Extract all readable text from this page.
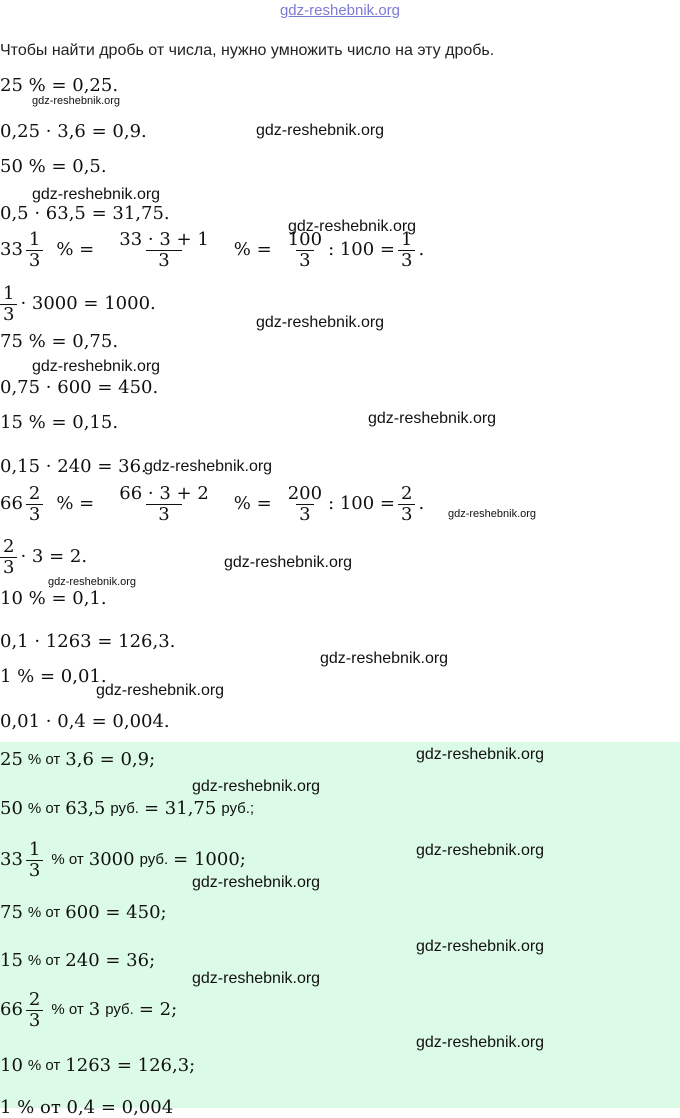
gdz-reshebnik.org
Чтобы найти дробь от числа, нужно умножить число на эту дробь.
25 % = 0,25.
0,25 · 3,6 = 0,9.
50 % = 0,5.
0,5 · 63,5 = 31,75.
$33 \frac{1}{3}$ % = $\frac{33 \cdot 3 + 1}{3}$ % = $\frac{100}{3}$ : $100 = \frac{1}{3}$ .
$\frac{1}{3} \cdot 3000 = 1000$.
75 % = 0,75.
0,75 · 600 = 450.
15 % = 0,15.
0,15 · 240 = 36.
$66 \frac{2}{3}$ % = $\frac{66 \cdot 3 + 2}{3}$ % = $\frac{200}{3}$ : $100 = \frac{2}{3}$ .
$\frac{2}{3} \cdot 3 = 2$.
10 % = 0,1.
0,1 · 1263 = 126,3.
1 % = 0,01.
0,01 · 0,4 = 0,004.
25 % от 3,6 = 0,9;
50 % от 63,5 руб. = 31,75 руб.;
$33 \frac{1}{3}$ % от 3000 руб. = 1000;
75 % от 600 = 450;
15 % от 240 = 36;
$66 \frac{2}{3}$ % от 3 руб. = 2;
10 % от 1263 = 126,3;
1 % от 0,4 = 0,004
gdz-reshebnik.org
gdz-reshebnik.org
gdz-reshebnik.org
gdz-reshebnik.org
gdz-reshebnik.org
gdz-reshebnik.org
gdz-reshebnik.org
gdz-reshebnik.org
gdz-reshebnik.org
gdz-reshebnik.org
gdz-reshebnik.org
gdz-reshebnik.org
gdz-reshebnik.org
gdz-reshebnik.org
gdz-reshebnik.org
gdz-reshebnik.org
gdz-reshebnik.org
gdz-reshebnik.org
gdz-reshebnik.org
gdz-reshebnik.org
